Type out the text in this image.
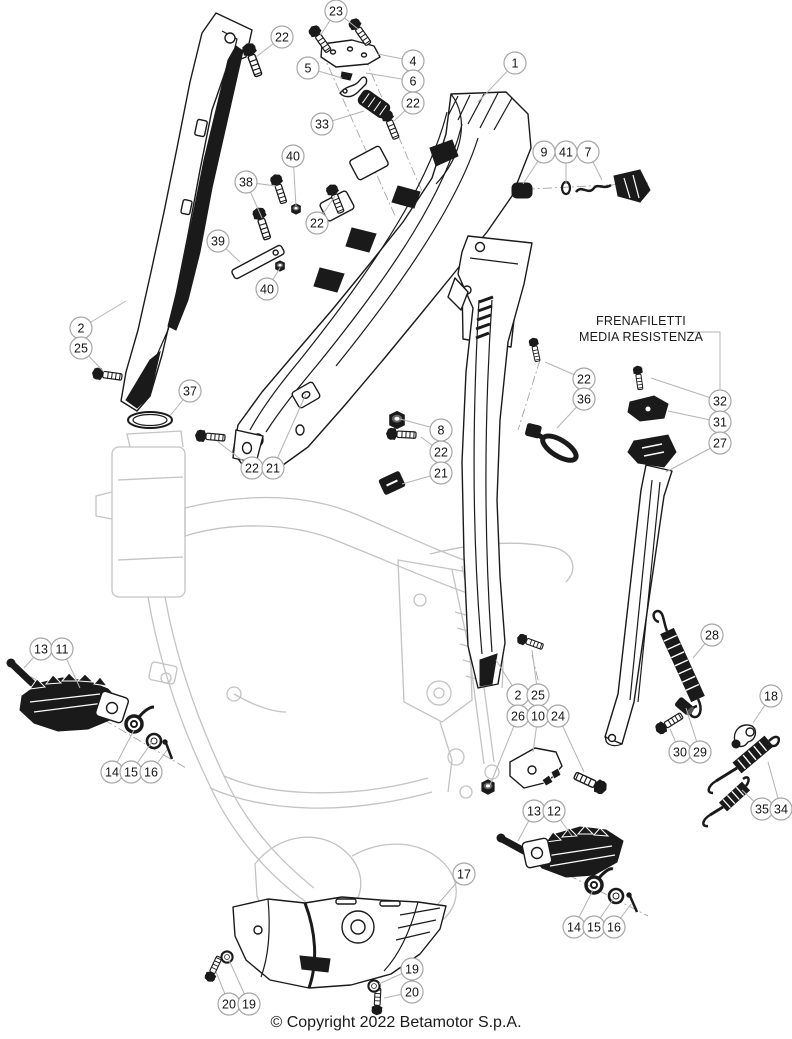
23
22
5	4
6
22
1
33
40
38
9 41 7
22
39
40
2
25
37
22
36	32
31
27
8
22
21
22 21
13 11
2 25
26 10 24
28
18
30 29
14 15 16
35 34
13 12
17
14 15 16
19
20
20 19
FRENAFILETTI
MEDIA RESISTENZA
© Copyright 2022 Betamotor S.p.A.
